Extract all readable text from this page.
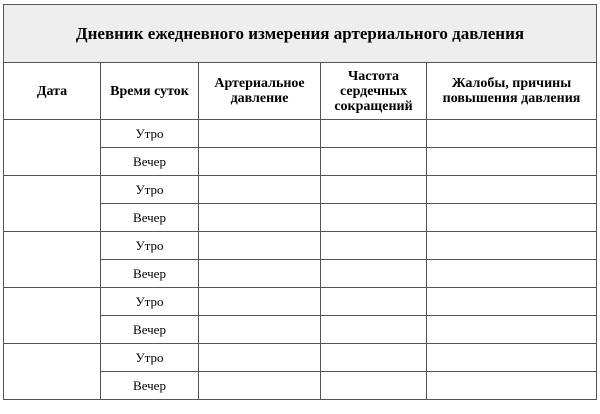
Дневник ежедневного измерения артериального давления				
Дата	Время суток	Артериальное давление	Частота сердечных сокращений	Жалобы, причины повышения давления
	Утро			
	Вечер			
	Утро			
	Вечер			
	Утро			
	Вечер			
	Утро			
	Вечер			
	Утро			
	Вечер			
